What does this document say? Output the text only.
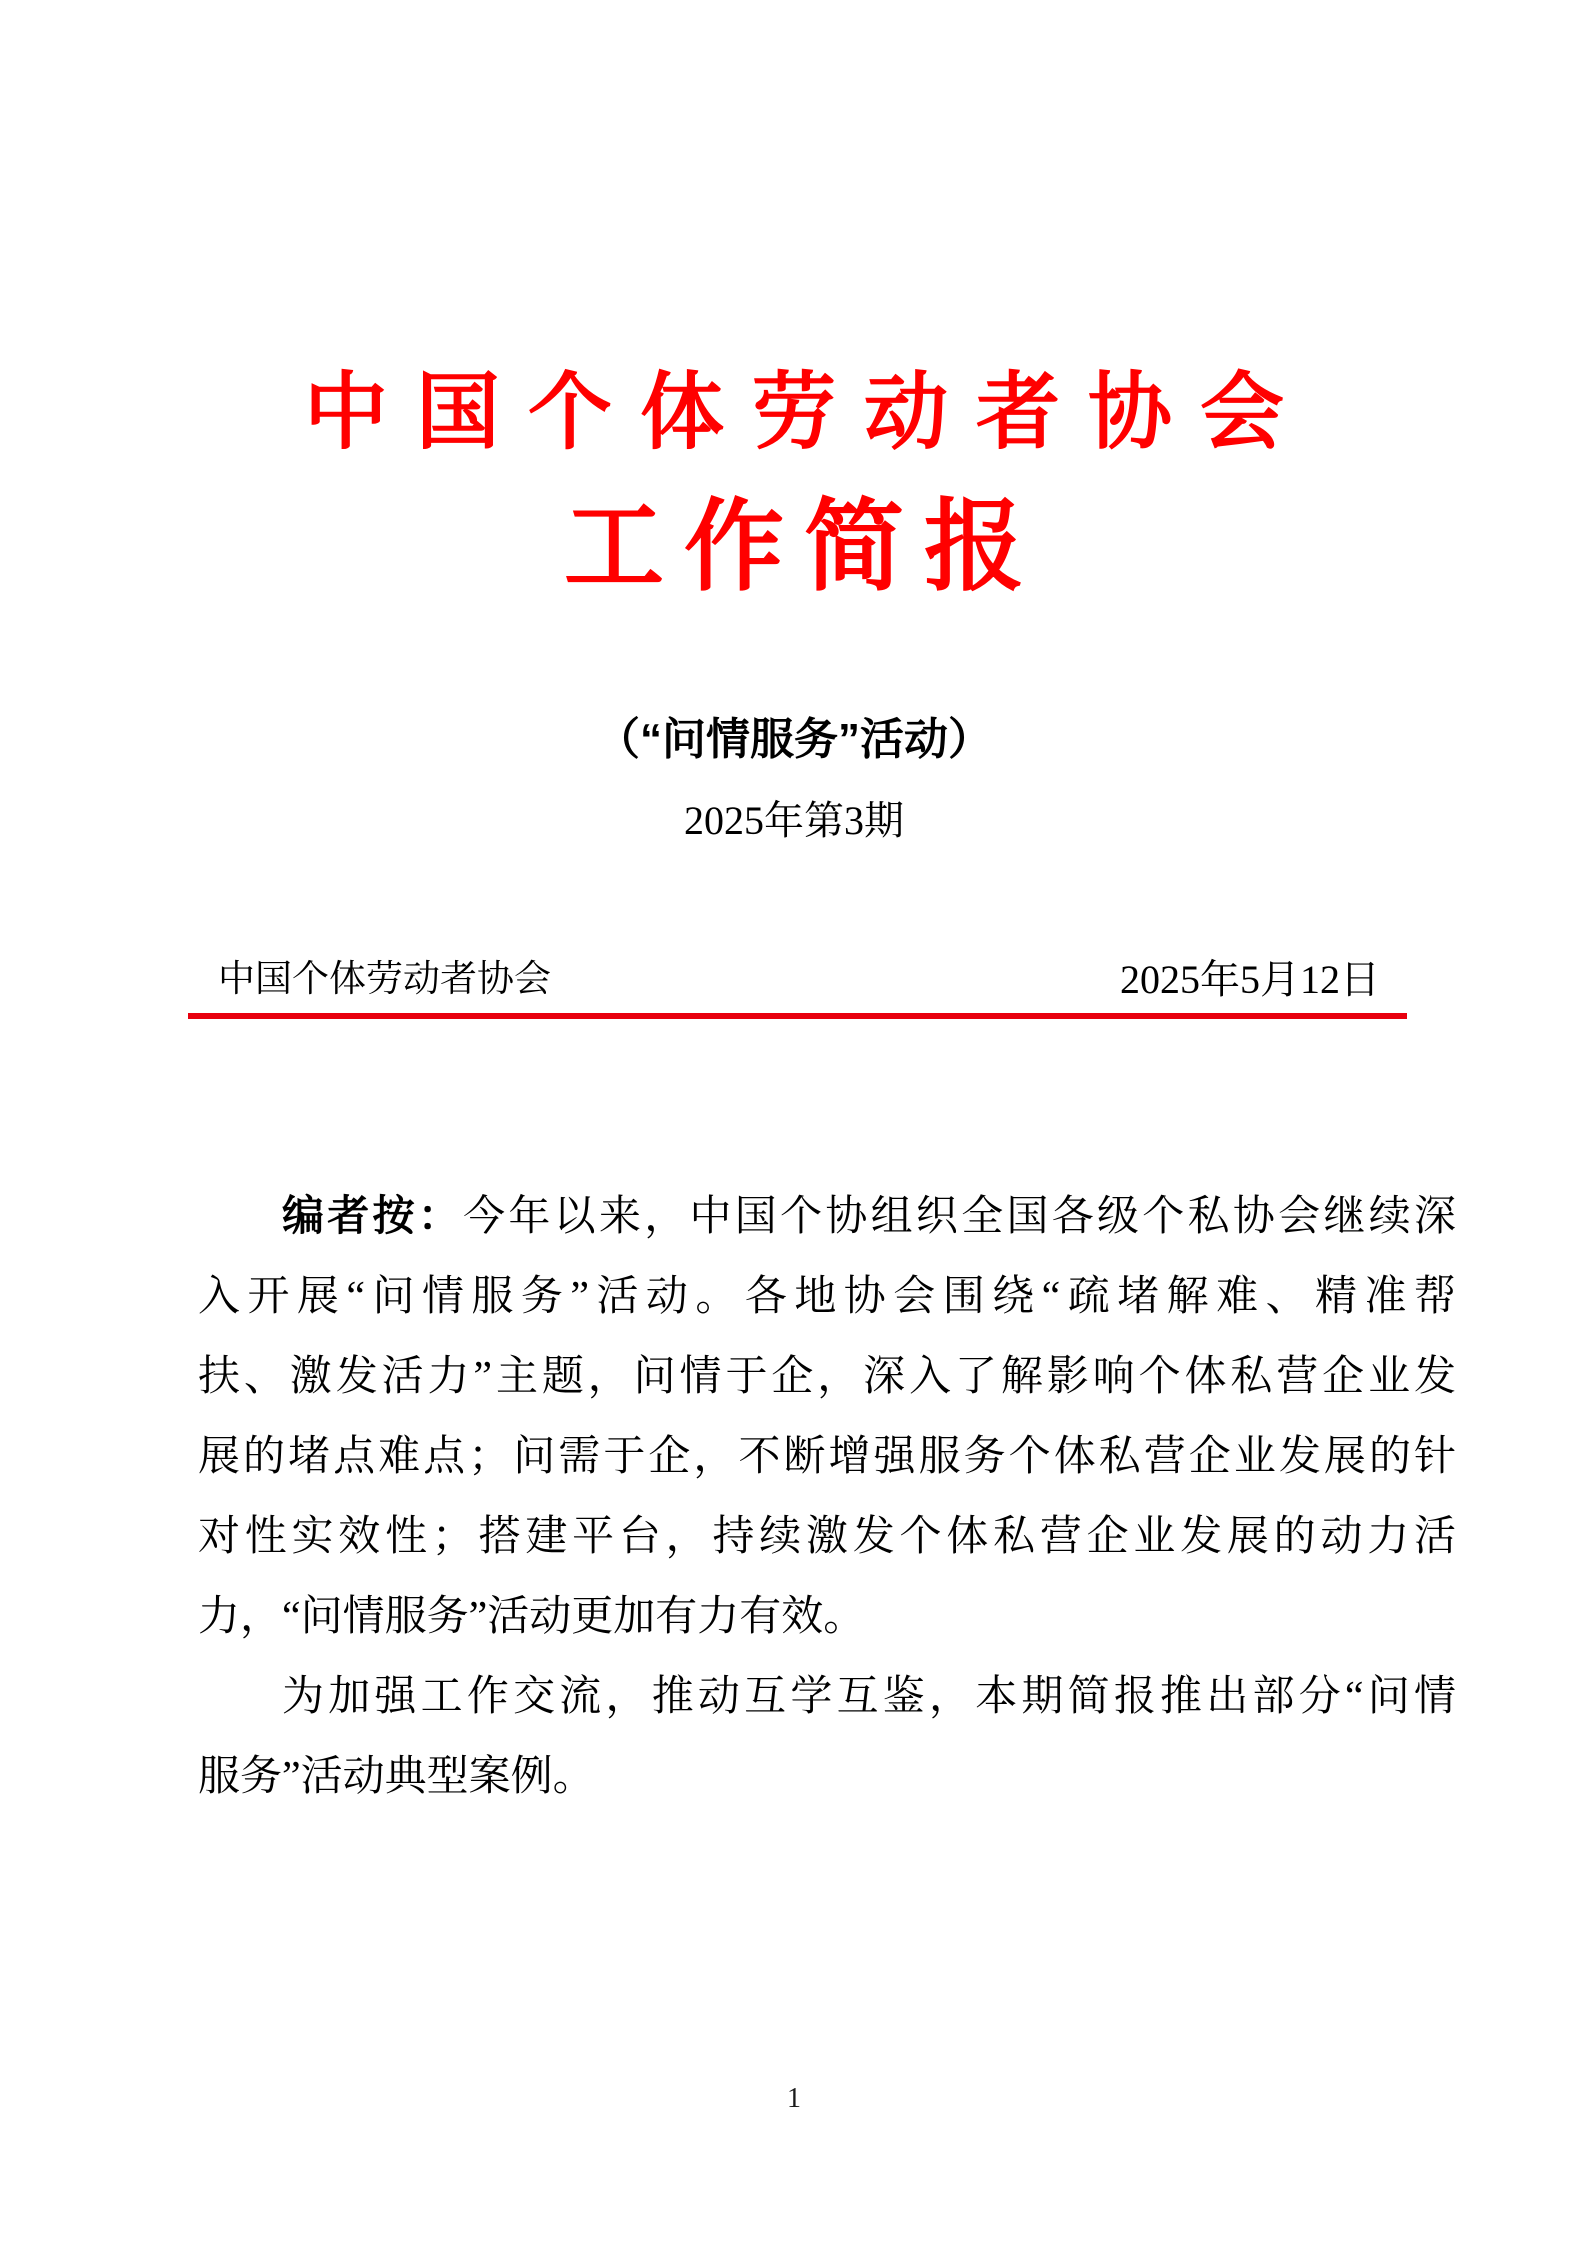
中国个体劳动者协会
工作简报
（“问情服务”活动）
2025年第3期
中国个体劳动者协会	2025年5月12日
编者按：今年以来，中国个协组织全国各级个私协会继续深
入开展“问情服务”活动。各地协会围绕“疏堵解难、精准帮
扶、激发活力”主题，问情于企，深入了解影响个体私营企业发
展的堵点难点；问需于企，不断增强服务个体私营企业发展的针
对性实效性；搭建平台，持续激发个体私营企业发展的动力活
力，“问情服务”活动更加有力有效。
为加强工作交流，推动互学互鉴，本期简报推出部分“问情
服务”活动典型案例。
1
